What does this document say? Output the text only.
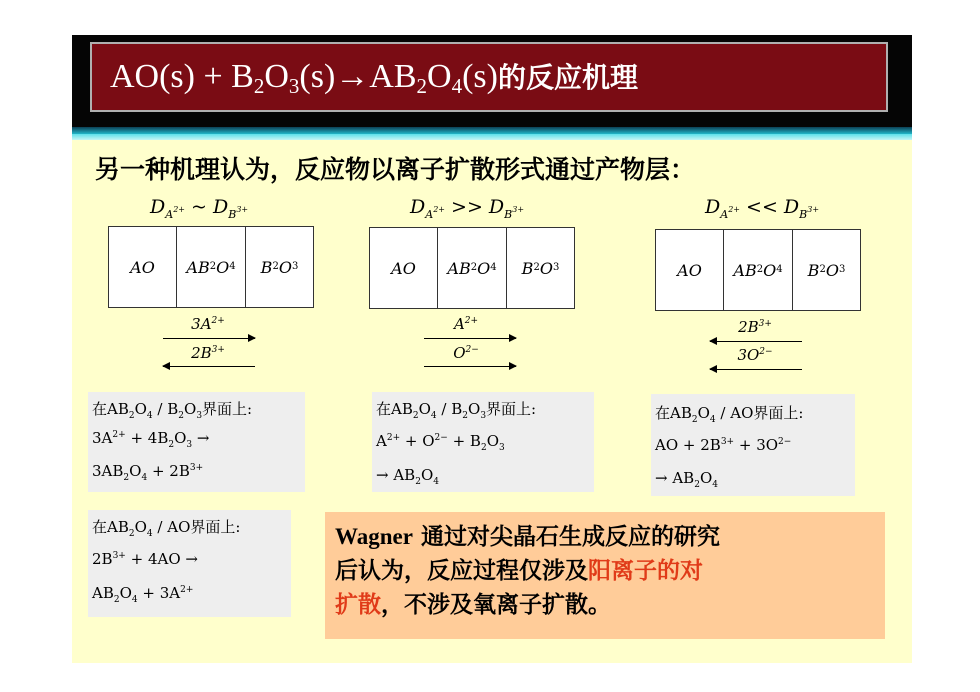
$AO(s) + B_2O_3(s)\to AB_2O_4(s)$的反应机理
另一种机理认为，反应物以离子扩散形式通过产物层：
$D_{A^{2+}}$ ~ $D_{B^{3+}}$
AO AB 2 O 4 B 2 O 3
$3A^{2+}$
$2B^{3+}$
$D_{A^{2+}} >> D_{B^{3+}}$
AO AB 2 O 4 B 2 O 3
$A^{2+}$
$O^{2-}$
$D_{A^{2+}} << D_{B^{3+}}$
AO AB 2 O 4 B 2 O 3
$2B^{3+}$
$3O^{2-}$
在$AB_2O_4 / B_2O_3$界面上:
$3A^{2+} + 4B_2O_3$ →
$3AB_2O_4 + 2B^{3+}$
在$AB_2O_4 / B_2O_3$界面上:
$A^{2+} + O^{2-} + B_2O_3$
→ $AB_2O_4$
在$AB_2O_4$ / AO界面上:
AO + $2B^{3+} + 3O^{2-}$
→ $AB_2O_4$
在$AB_2O_4$ / AO界面上:
$2B^{3+} + 4AO$ →
$AB_2O_4 + 3A^{2+}$
Wagner 通过对尖晶石生成反应的研究
后认为，反应过程仅涉及阳离子的对
扩散，不涉及氧离子扩散。
